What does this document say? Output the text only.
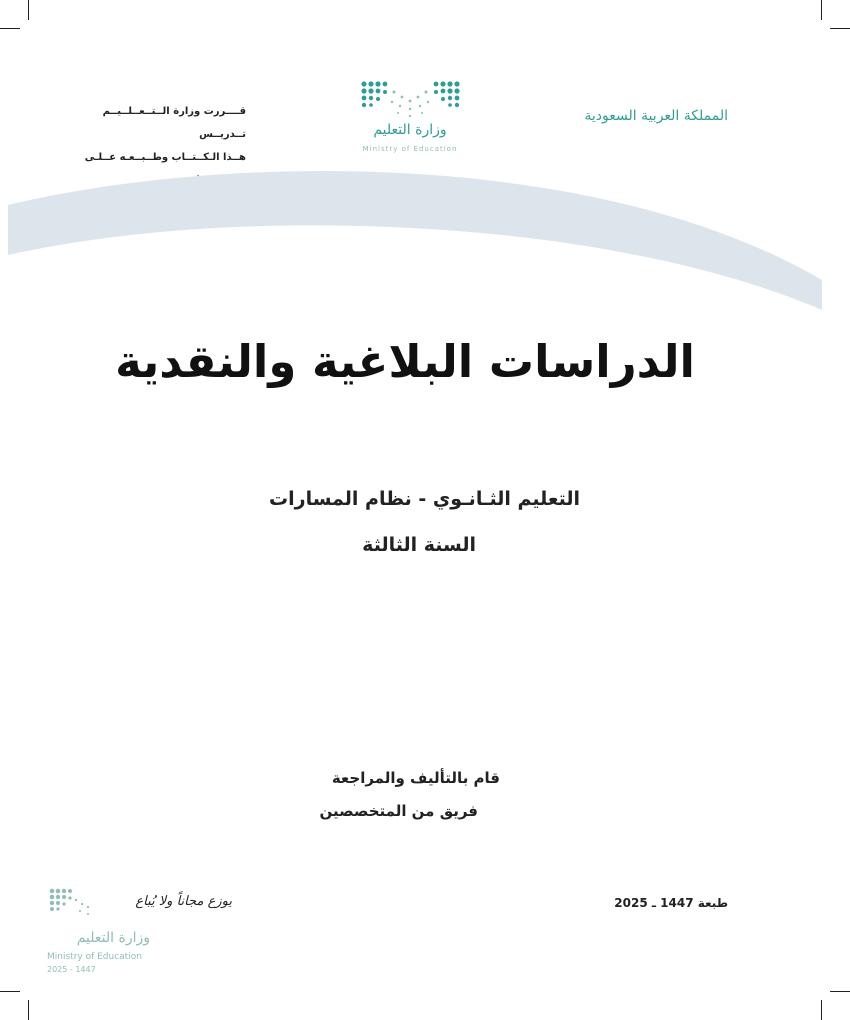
المملكة العربية السعودية
قــــررت وزارة الــتــعــلــيــم تــدريــس
هــذا الـكــتــاب وطــبــعـه عــلـى
وزارة التعليم
Ministry of Education
الدراسات البلاغية والنقدية
التعليم الثـانـوي - نظام المسارات
السنة الثالثة
قام بالتأليف والمراجعة
فريق من المتخصصين
طبعة 1447 ـ 2025
يوزع مجاناً ولا يُباع
وزارة التعليم
Ministry of Education
2025 - 1447
